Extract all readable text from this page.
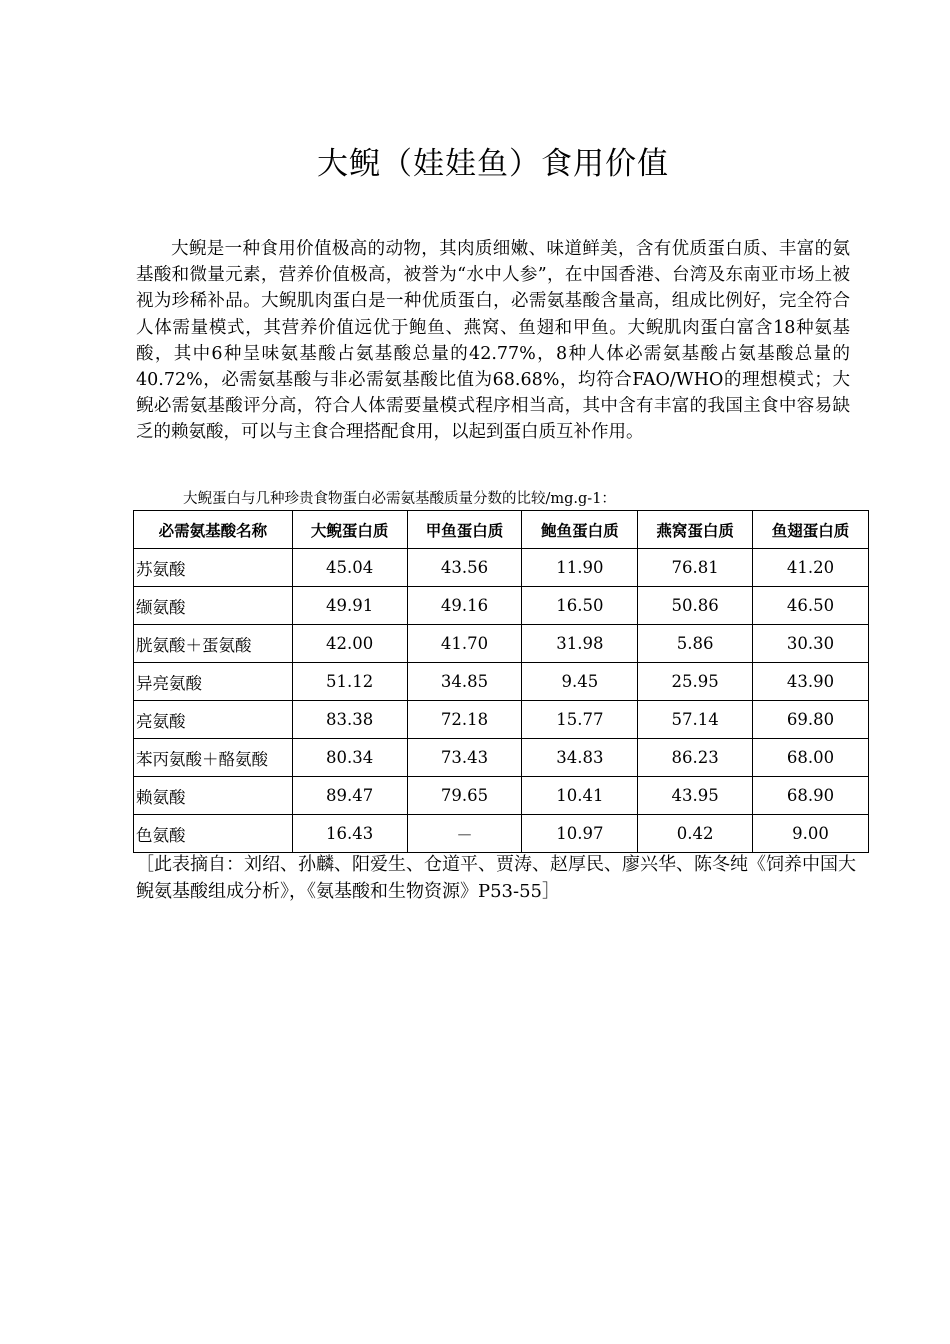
大鲵（娃娃鱼）食用价值

大鲵是一种食用价值极高的动物，其肉质细嫩、味道鲜美，含有优质蛋白质、丰富的氨基酸和微量元素，营养价值极高，被誉为“水中人参”，在中国香港、台湾及东南亚市场上被视为珍稀补品。大鲵肌肉蛋白是一种优质蛋白，必需氨基酸含量高，组成比例好，完全符合人体需量模式，其营养价值远优于鲍鱼、燕窝、鱼翅和甲鱼。大鲵肌肉蛋白富含18种氨基酸，其中6种呈味氨基酸占氨基酸总量的42.77%，8种人体必需氨基酸占氨基酸总量的40.72%，必需氨基酸与非必需氨基酸比值为68.68%，均符合FAO/WHO的理想模式；大鲵必需氨基酸评分高，符合人体需要量模式程序相当高，其中含有丰富的我国主食中容易缺乏的赖氨酸，可以与主食合理搭配食用，以起到蛋白质互补作用。

大鲵蛋白与几种珍贵食物蛋白必需氨基酸质量分数的比较/mg.g-1：
必需氨基酸名称	大鲵蛋白质	甲鱼蛋白质	鲍鱼蛋白质	燕窝蛋白质	鱼翅蛋白质
苏氨酸	45.04	43.56	11.90	76.81	41.20
缬氨酸	49.91	49.16	16.50	50.86	46.50
胱氨酸＋蛋氨酸	42.00	41.70	31.98	5.86	30.30
异亮氨酸	51.12	34.85	9.45	25.95	43.90
亮氨酸	83.38	72.18	15.77	57.14	69.80
苯丙氨酸＋酪氨酸	80.34	73.43	34.83	86.23	68.00
赖氨酸	89.47	79.65	10.41	43.95	68.90
色氨酸	16.43	－	10.97	0.42	9.00
［此表摘自：刘绍、孙麟、阳爱生、仓道平、贾涛、赵厚民、廖兴华、陈冬纯《饲养中国大鲵氨基酸组成分析》，《氨基酸和生物资源》P53-55］
